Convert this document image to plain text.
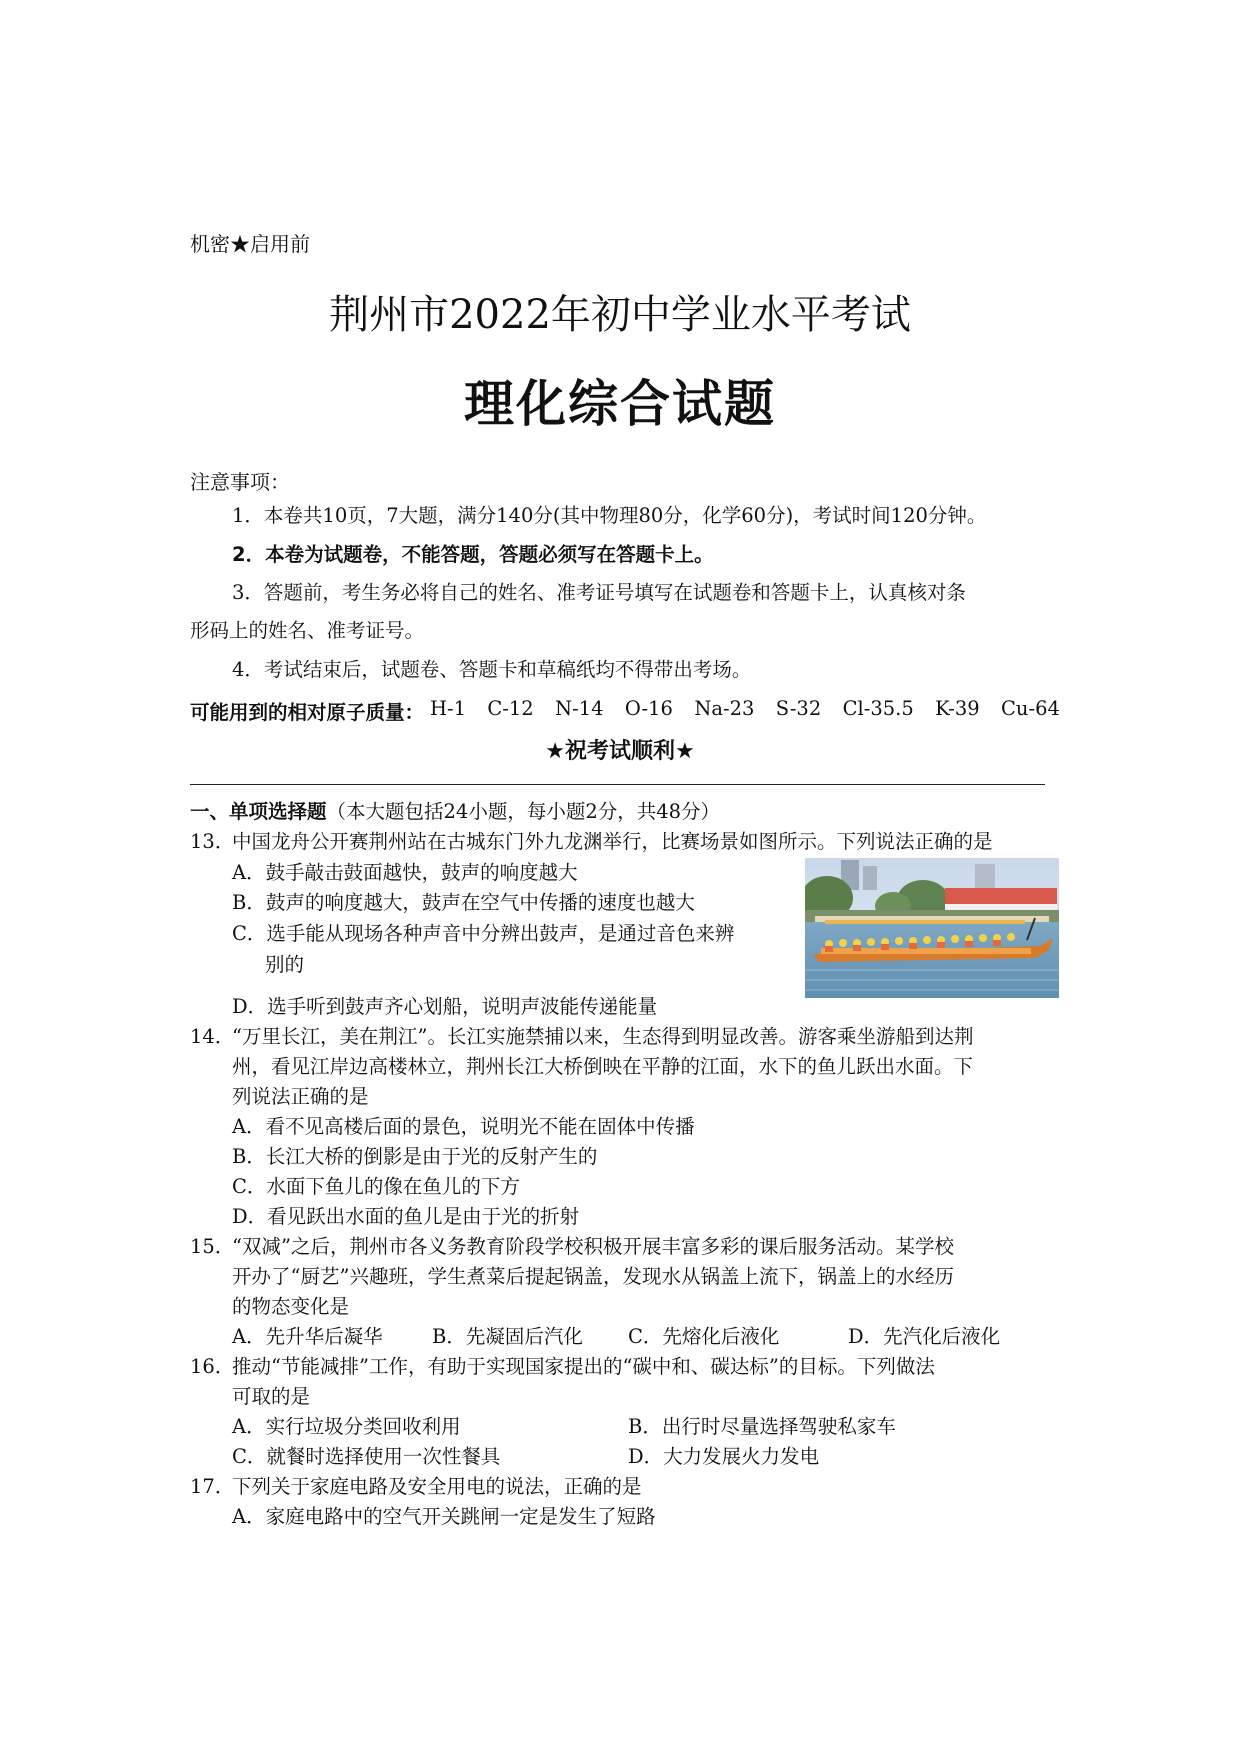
机密★启用前
荆州市2022年初中学业水平考试
理化综合试题
注意事项：
1．本卷共10页，7大题，满分140分(其中物理80分，化学60分)，考试时间120分钟。
2．本卷为试题卷，不能答题，答题必须写在答题卡上。
3．答题前，考生务必将自己的姓名、准考证号填写在试题卷和答题卡上，认真核对条
形码上的姓名、准考证号。
4．考试结束后，试题卷、答题卡和草稿纸均不得带出考场。
可能用到的相对原子质量： H-1 C-12 N-14 O-16 Na-23 S-32 Cl-35.5 K-39 Cu-64
★祝考试顺利★
一、单项选择题（本大题包括24小题，每小题2分，共48分）
13．中国龙舟公开赛荆州站在古城东门外九龙渊举行，比赛场景如图所示。下列说法正确的是
A．鼓手敲击鼓面越快，鼓声的响度越大
B．鼓声的响度越大，鼓声在空气中传播的速度也越大
C．选手能从现场各种声音中分辨出鼓声，是通过音色来辨
别的
D．选手听到鼓声齐心划船，说明声波能传递能量
14．“万里长江，美在荆江”。长江实施禁捕以来，生态得到明显改善。游客乘坐游船到达荆
州，看见江岸边高楼林立，荆州长江大桥倒映在平静的江面，水下的鱼儿跃出水面。下
列说法正确的是
A．看不见高楼后面的景色，说明光不能在固体中传播
B．长江大桥的倒影是由于光的反射产生的
C．水面下鱼儿的像在鱼儿的下方
D．看见跃出水面的鱼儿是由于光的折射
15．“双减”之后，荆州市各义务教育阶段学校积极开展丰富多彩的课后服务活动。某学校
开办了“厨艺”兴趣班，学生煮菜后提起锅盖，发现水从锅盖上流下，锅盖上的水经历
的物态变化是
A．先升华后凝华	B．先凝固后汽化 C．先熔化后液化	D．先汽化后液化
16．推动“节能减排”工作，有助于实现国家提出的“碳中和、碳达标”的目标。下列做法
可取的是
A．实行垃圾分类回收利用	B．出行时尽量选择驾驶私家车
C．就餐时选择使用一次性餐具	D．大力发展火力发电
17．下列关于家庭电路及安全用电的说法，正确的是
A．家庭电路中的空气开关跳闸一定是发生了短路
